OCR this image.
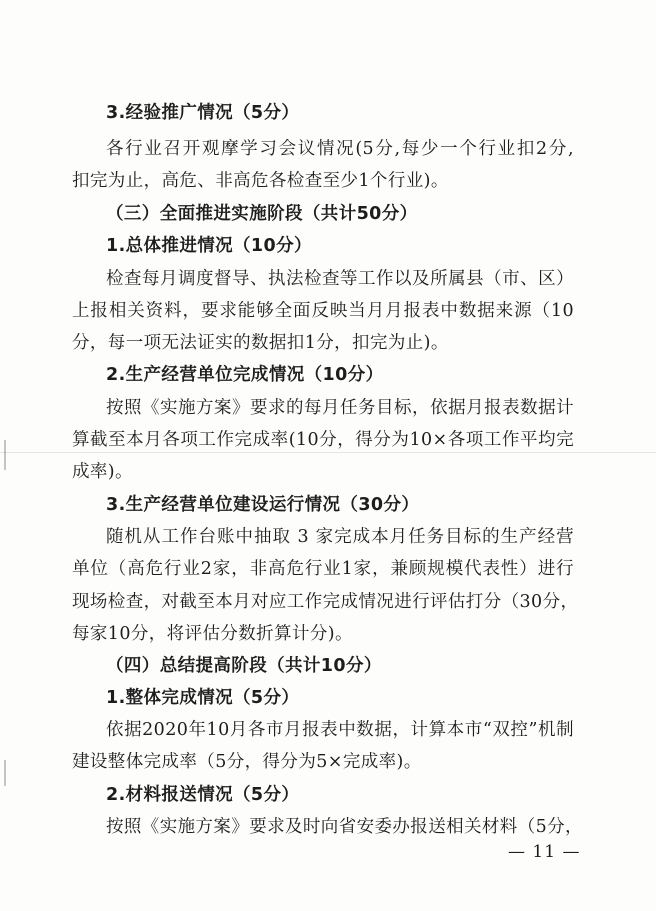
3.经验推广情况（5分）
各行业召开观摩学习会议情况(5分,每少一个行业扣2分,
扣完为止，高危、非高危各检查至少1个行业)。
（三）全面推进实施阶段（共计50分）
1.总体推进情况（10分）
检查每月调度督导、执法检查等工作以及所属县（市、区）
上报相关资料，要求能够全面反映当月月报表中数据来源（10
分，每一项无法证实的数据扣1分，扣完为止)。
2.生产经营单位完成情况（10分）
按照《实施方案》要求的每月任务目标，依据月报表数据计
算截至本月各项工作完成率(10分，得分为10×各项工作平均完
成率)。
3.生产经营单位建设运行情况（30分）
随机从工作台账中抽取 3 家完成本月任务目标的生产经营
单位（高危行业2家，非高危行业1家，兼顾规模代表性）进行
现场检查，对截至本月对应工作完成情况进行评估打分（30分，
每家10分，将评估分数折算计分)。
（四）总结提高阶段（共计10分）
1.整体完成情况（5分）
依据2020年10月各市月报表中数据，计算本市“双控”机制
建设整体完成率（5分，得分为5×完成率)。
2.材料报送情况（5分）
按照《实施方案》要求及时向省安委办报送相关材料（5分，
— 11 —
